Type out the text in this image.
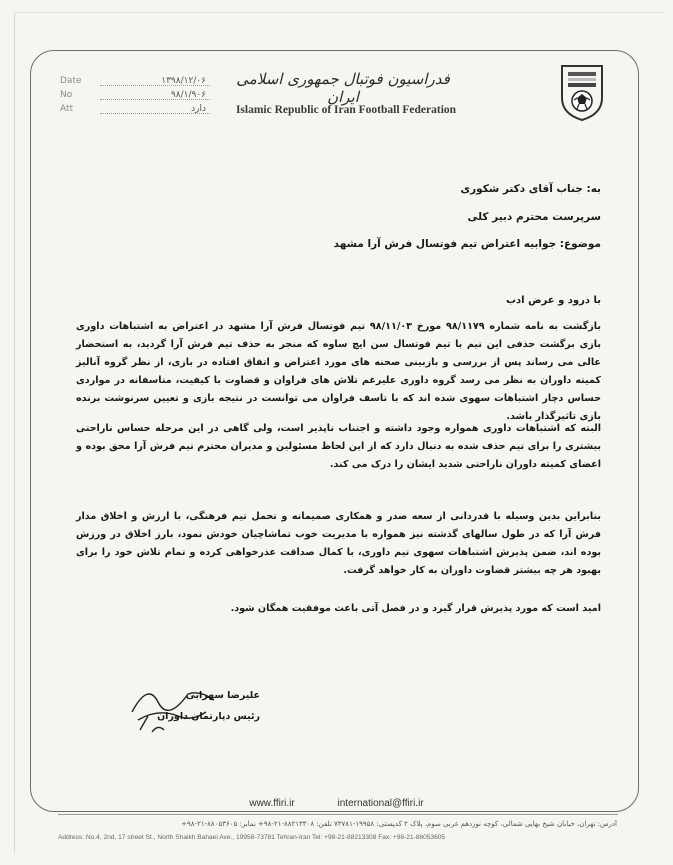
Date	۱۳۹۸/۱۲/۰۶
No	۹۸/۱/۹۰۶
Att	دارد
فدراسیون فوتبال جمهوری اسلامی ایران
Islamic Republic of Iran Football Federation
به: جناب آقای دکتر شکوری
سرپرست محترم دبیر کلی
موضوع: جوابیه اعتراض تیم فوتسال فرش آرا مشهد
با درود و عرض ادب
بازگشت به نامه شماره ۹۸/۱۱۷۹ مورخ ۹۸/۱۱/۰۳ تیم فوتسال فرش آرا مشهد در اعتراض به اشتباهات داوری بازی برگشت حذفی این تیم با تیم فوتسال سن ایچ ساوه که منجر به حذف تیم فرش آرا گردید، به استحضار عالی می رساند پس از بررسی و بازبینی صحنه های مورد اعتراض و اتفاق افتاده در بازی، از نظر گروه آنالیز کمیته داوران به نظر می رسد گروه داوری علیرغم تلاش های فراوان و قضاوت با کیفیت، متاسفانه در مواردی حساس دچار اشتباهات سهوی شده اند که با تاسف فراوان می توانست در نتیجه بازی و تعیین سرنوشت برنده بازی تاثیرگذار باشد.
البته که اشتباهات داوری همواره وجود داشته و اجتناب ناپذیر است، ولی گاهی در این مرحله حساس ناراحتی بیشتری را برای تیم حذف شده به دنبال دارد که از این لحاظ مسئولین و مدیران محترم تیم فرش آرا محق بوده و اعضای کمیته داوران ناراحتی شدید ایشان را درک می کند.
بنابراین بدین وسیله با قدردانی از سعه صدر و همکاری صمیمانه و تحمل تیم فرهنگی، با ارزش و اخلاق مدار فرش آرا که در طول سالهای گذشته نیز همواره با مدیریت خوب تماشاچیان خودش نمود، بارز اخلاق در ورزش بوده اند، ضمن پذیرش اشتباهات سهوی تیم داوری، با کمال صداقت عذرخواهی کرده و تمام تلاش خود را برای بهبود هر چه بیشتر قضاوت داوران به کار خواهد گرفت.
امید است که مورد پذیرش قرار گیرد و در فصل آتی باعث موفقیت همگان شود.
علیرضا سهرابی
رئیس دپارتمان داوران
www.ffiri.ir	international@ffiri.ir
آدرس: تهران، خیابان شیخ بهایی شمالی، کوچه نوزدهم غربی سوم، پلاک ۲ کدپستی: ۱۹۹۵۸-۷۳۷۸۱ تلفن: ۸۸۲۱۳۳۰۸-۲۱-۹۸+ نمابر: ۸۸۰۵۳۶۰۵-۲۱-۹۸+
Address: No.4, 2nd, 17 street St., North Shaikh Bahaei Ave., 19958-73781 Tehran-Iran Tel: +98-21-88213308 Fax: +98-21-88053605
